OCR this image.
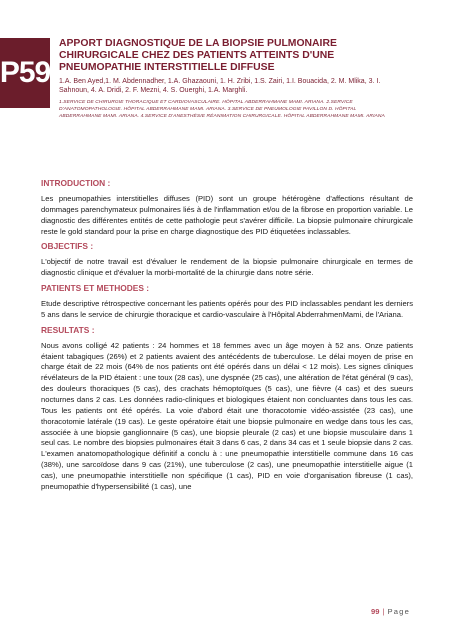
P59
APPORT DIAGNOSTIQUE DE LA BIOPSIE PULMONAIRE CHIRURGICALE CHEZ DES PATIENTS ATTEINTS D'UNE PNEUMOPATHIE INTERSTITIELLE DIFFUSE
1.A. Ben Ayed,1. M. Abdennadher, 1.A. Ghazaouni, 1. H. Zribi, 1.S. Zairi, 1.I. Bouacida, 2. M. Mlika, 3. I. Sahnoun, 4. A. Dridi, 2. F. Mezni, 4. S. Ouerghi, 1.A. Marghli.
1.SERVICE DE CHIRURGIE THORACIQUE ET CARDIOVASCULAIRE. HÔPITAL ABDERRAHMANE MAMI. ARIANA. 2.SERVICE D'ANATOMOPATHOLOGIE. HÔPITAL ABDERRAHMANE MAMI. ARIANA. 3.SERVICE DE PNEUMOLOGIE PAVILLON D. HÔPITAL ABDERRAHMANE MAMI. ARIANA. 4.SERVICE D'ANESTHÉSIE RÉANIMATION CHIRURGICALE. HÔPITAL ABDERRAHMANE MAMI. ARIANA
INTRODUCTION :

Les pneumopathies interstitielles diffuses (PID) sont un groupe hétérogène d'affections résultant de dommages parenchymateux pulmonaires liés à de l'inflammation et/ou de la fibrose en proportion variable. Le diagnostic des différentes entités de cette pathologie peut s'avérer difficile. La biopsie pulmonaire chirurgicale reste le gold standard pour la prise en charge diagnostique des PID étiquetées inclassables.

OBJECTIFS :

L'objectif de notre travail est d'évaluer le rendement de la biopsie pulmonaire chirurgicale en termes de diagnostic clinique et d'évaluer la morbi-mortalité de la chirurgie dans notre série.

PATIENTS ET METHODES :

Etude descriptive rétrospective concernant les patients opérés pour des PID inclassables pendant les derniers 5 ans dans le service de chirurgie thoracique et cardio-vasculaire à l'Hôpital AbderrahmenMami, de l'Ariana.

RESULTATS :

Nous avons colligé 42 patients : 24 hommes et 18 femmes avec un âge moyen à 52 ans. Onze patients étaient tabagiques (26%) et 2 patients avaient des antécédents de tuberculose. Le délai moyen de prise en charge était de 22 mois (64% de nos patients ont été opérés dans un délai < 12 mois). Les signes cliniques révélateurs de la PID étaient : une toux (28 cas), une dyspnée (25 cas), une altération de l'état général (9 cas), des douleurs thoraciques (5 cas), des crachats hémoptoïques (5 cas), une fièvre (4 cas) et des sueurs nocturnes dans 2 cas. Les données radio-cliniques et biologiques étaient non concluantes dans tous les cas. Tous les patients ont été opérés. La voie d'abord était une thoracotomie vidéo-assistée (23 cas), une thoracotomie latérale (19 cas). Le geste opératoire était une biopsie pulmonaire en wedge dans tous les cas, associée à une biopsie ganglionnaire (5 cas), une biopsie pleurale (2 cas) et une biopsie musculaire dans 1 seul cas. Le nombre des biopsies pulmonaires était 3 dans 6 cas, 2 dans 34 cas et 1 seule biopsie dans 2 cas. L'examen anatomopathologique définitif a conclu à : une pneumopathie interstitielle commune dans 16 cas (38%), une sarcoïdose dans 9 cas (21%), une tuberculose (2 cas), une pneumopathie interstitielle aigue (1 cas), une pneumopathie interstitielle non spécifique (1 cas), PID en voie d'organisation fibreuse (1 cas), pneumopathie d'hypersensibilité (1 cas), une

99 | Page
